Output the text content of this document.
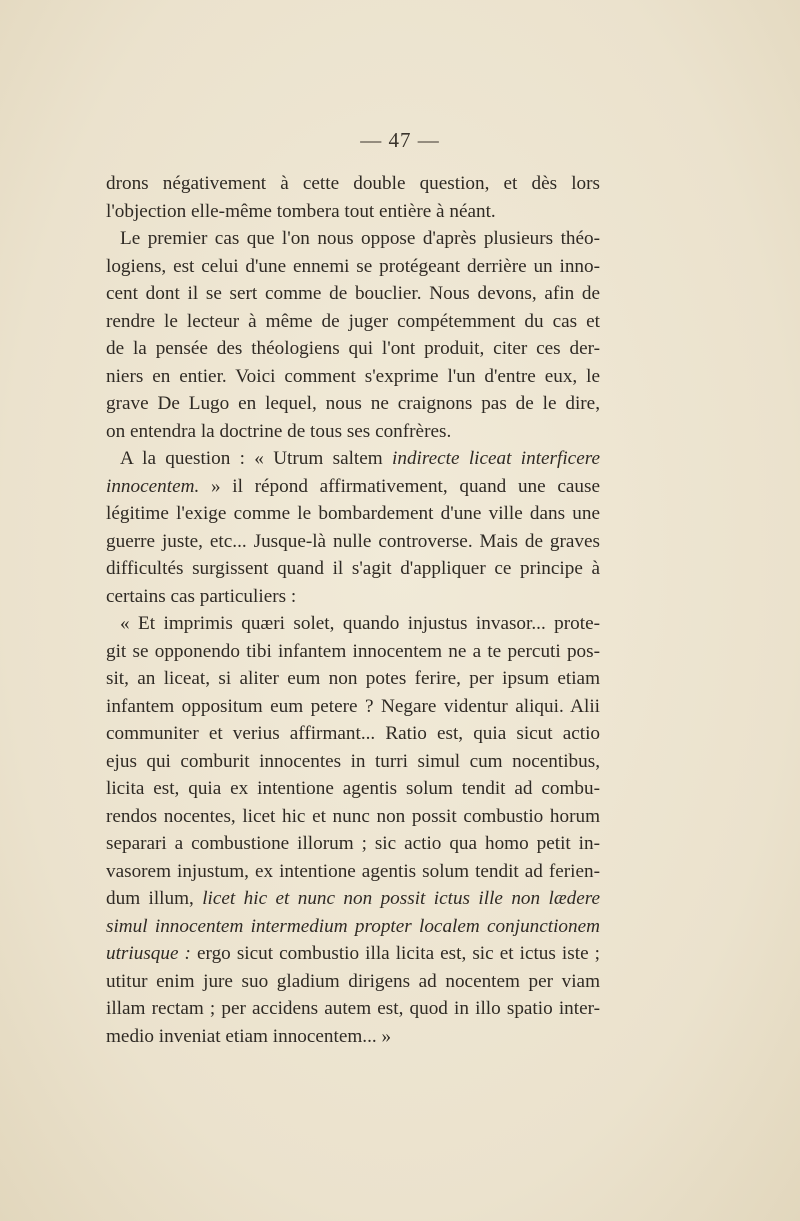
— 47 —
drons négativement à cette double question, et dès lors
l'objection elle-même tombera tout entière à néant.
Le premier cas que l'on nous oppose d'après plusieurs théo-
logiens, est celui d'une ennemi se protégeant derrière un inno-
cent dont il se sert comme de bouclier. Nous devons, afin de
rendre le lecteur à même de juger compétemment du cas et
de la pensée des théologiens qui l'ont produit, citer ces der-
niers en entier. Voici comment s'exprime l'un d'entre eux, le
grave De Lugo en lequel, nous ne craignons pas de le dire,
on entendra la doctrine de tous ses confrères.
A la question : « Utrum saltem indirecte liceat interficere
innocentem. » il répond affirmativement, quand une cause
légitime l'exige comme le bombardement d'une ville dans une
guerre juste, etc... Jusque-là nulle controverse. Mais de graves
difficultés surgissent quand il s'agit d'appliquer ce principe à
certains cas particuliers :
« Et imprimis quæri solet, quando injustus invasor... prote-
git se opponendo tibi infantem innocentem ne a te percuti pos-
sit, an liceat, si aliter eum non potes ferire, per ipsum etiam
infantem oppositum eum petere ? Negare videntur aliqui. Alii
communiter et verius affirmant... Ratio est, quia sicut actio
ejus qui comburit innocentes in turri simul cum nocentibus,
licita est, quia ex intentione agentis solum tendit ad combu-
rendos nocentes, licet hic et nunc non possit combustio horum
separari a combustione illorum ; sic actio qua homo petit in-
vasorem injustum, ex intentione agentis solum tendit ad ferien-
dum illum, licet hic et nunc non possit ictus ille non lædere
simul innocentem intermedium propter localem conjunctionem
utriusque : ergo sicut combustio illa licita est, sic et ictus iste ;
utitur enim jure suo gladium dirigens ad nocentem per viam
illam rectam ; per accidens autem est, quod in illo spatio inter-
medio inveniat etiam innocentem... »
